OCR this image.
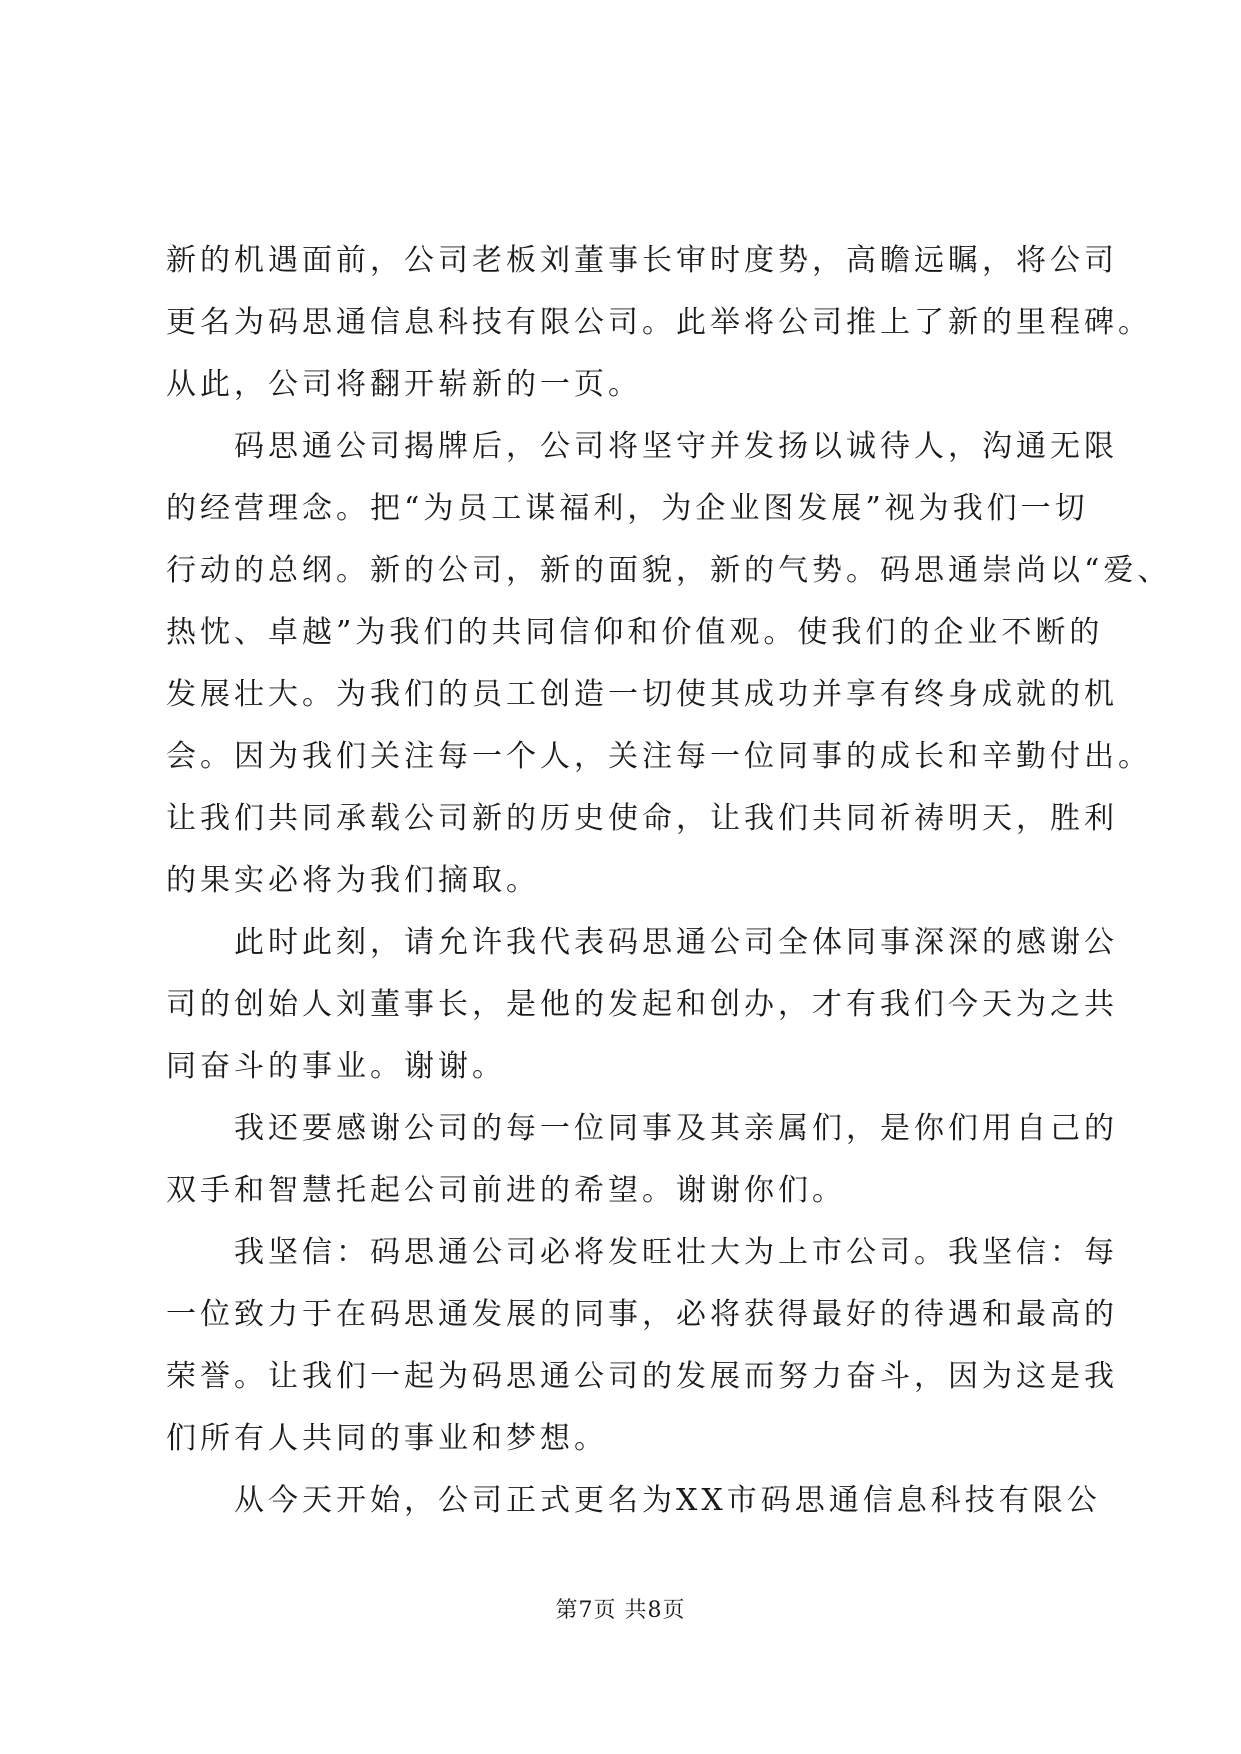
新的机遇面前，公司老板刘董事长审时度势，高瞻远瞩，将公司
更名为码思通信息科技有限公司。此举将公司推上了新的里程碑。
从此，公司将翻开崭新的一页。
　　码思通公司揭牌后，公司将坚守并发扬以诚待人，沟通无限
的经营理念。把“为员工谋福利，为企业图发展”视为我们一切
行动的总纲。新的公司，新的面貌，新的气势。码思通崇尚以“爱、
热忱、卓越”为我们的共同信仰和价值观。使我们的企业不断的
发展壮大。为我们的员工创造一切使其成功并享有终身成就的机
会。因为我们关注每一个人，关注每一位同事的成长和辛勤付出。
让我们共同承载公司新的历史使命，让我们共同祈祷明天，胜利
的果实必将为我们摘取。
　　此时此刻，请允许我代表码思通公司全体同事深深的感谢公
司的创始人刘董事长，是他的发起和创办，才有我们今天为之共
同奋斗的事业。谢谢。
　　我还要感谢公司的每一位同事及其亲属们，是你们用自己的
双手和智慧托起公司前进的希望。谢谢你们。
　　我坚信：码思通公司必将发旺壮大为上市公司。我坚信：每
一位致力于在码思通发展的同事，必将获得最好的待遇和最高的
荣誉。让我们一起为码思通公司的发展而努力奋斗，因为这是我
们所有人共同的事业和梦想。
　　从今天开始，公司正式更名为XX市码思通信息科技有限公
第7页 共8页
